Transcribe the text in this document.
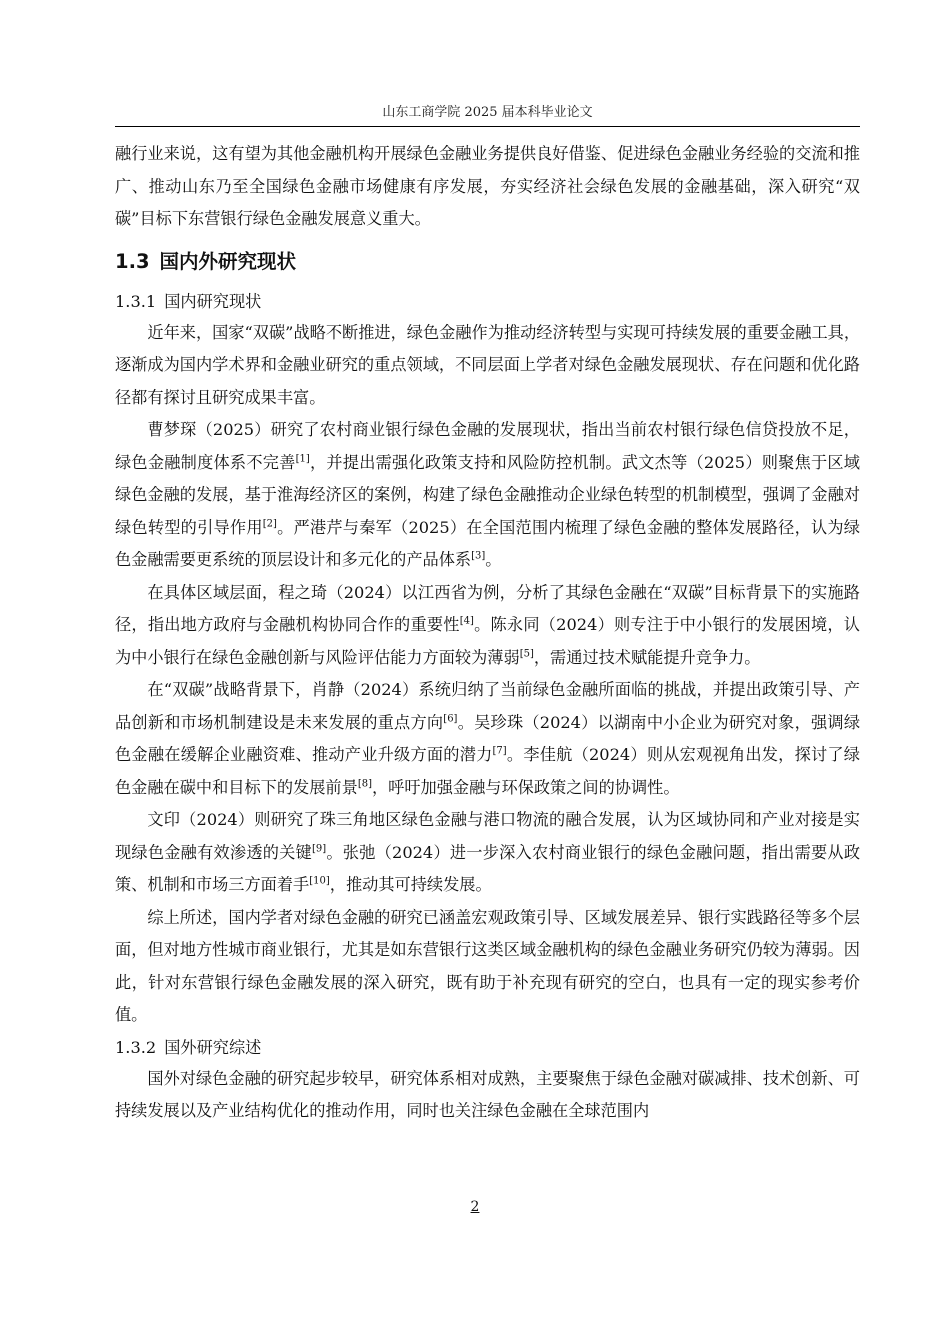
山东工商学院 2025 届本科毕业论文

融行业来说，这有望为其他金融机构开展绿色金融业务提供良好借鉴、促进绿色金融业务经验的交流和推广、推动山东乃至全国绿色金融市场健康有序发展，夯实经济社会绿色发展的金融基础，深入研究“双碳”目标下东营银行绿色金融发展意义重大。

1.3 国内外研究现状
1.3.1 国内研究现状

近年来，国家“双碳”战略不断推进，绿色金融作为推动经济转型与实现可持续发展的重要金融工具，逐渐成为国内学术界和金融业研究的重点领域，不同层面上学者对绿色金融发展现状、存在问题和优化路径都有探讨且研究成果丰富。

曹梦琛（2025）研究了农村商业银行绿色金融的发展现状，指出当前农村银行绿色信贷投放不足，绿色金融制度体系不完善[1]，并提出需强化政策支持和风险防控机制。武文杰等（2025）则聚焦于区域绿色金融的发展，基于淮海经济区的案例，构建了绿色金融推动企业绿色转型的机制模型，强调了金融对绿色转型的引导作用[2]。严港芹与秦军（2025）在全国范围内梳理了绿色金融的整体发展路径，认为绿色金融需要更系统的顶层设计和多元化的产品体系[3]。

在具体区域层面，程之琦（2024）以江西省为例，分析了其绿色金融在“双碳”目标背景下的实施路径，指出地方政府与金融机构协同合作的重要性[4]。陈永同（2024）则专注于中小银行的发展困境，认为中小银行在绿色金融创新与风险评估能力方面较为薄弱[5]，需通过技术赋能提升竞争力。

在“双碳”战略背景下，肖静（2024）系统归纳了当前绿色金融所面临的挑战，并提出政策引导、产品创新和市场机制建设是未来发展的重点方向[6]。吴珍珠（2024）以湖南中小企业为研究对象，强调绿色金融在缓解企业融资难、推动产业升级方面的潜力[7]。李佳航（2024）则从宏观视角出发，探讨了绿色金融在碳中和目标下的发展前景[8]，呼吁加强金融与环保政策之间的协调性。

文印（2024）则研究了珠三角地区绿色金融与港口物流的融合发展，认为区域协同和产业对接是实现绿色金融有效渗透的关键[9]。张弛（2024）进一步深入农村商业银行的绿色金融问题，指出需要从政策、机制和市场三方面着手[10]，推动其可持续发展。

综上所述，国内学者对绿色金融的研究已涵盖宏观政策引导、区域发展差异、银行实践路径等多个层面，但对地方性城市商业银行，尤其是如东营银行这类区域金融机构的绿色金融业务研究仍较为薄弱。因此，针对东营银行绿色金融发展的深入研究，既有助于补充现有研究的空白，也具有一定的现实参考价值。

1.3.2 国外研究综述

国外对绿色金融的研究起步较早，研究体系相对成熟，主要聚焦于绿色金融对碳减排、技术创新、可持续发展以及产业结构优化的推动作用，同时也关注绿色金融在全球范围内

2
